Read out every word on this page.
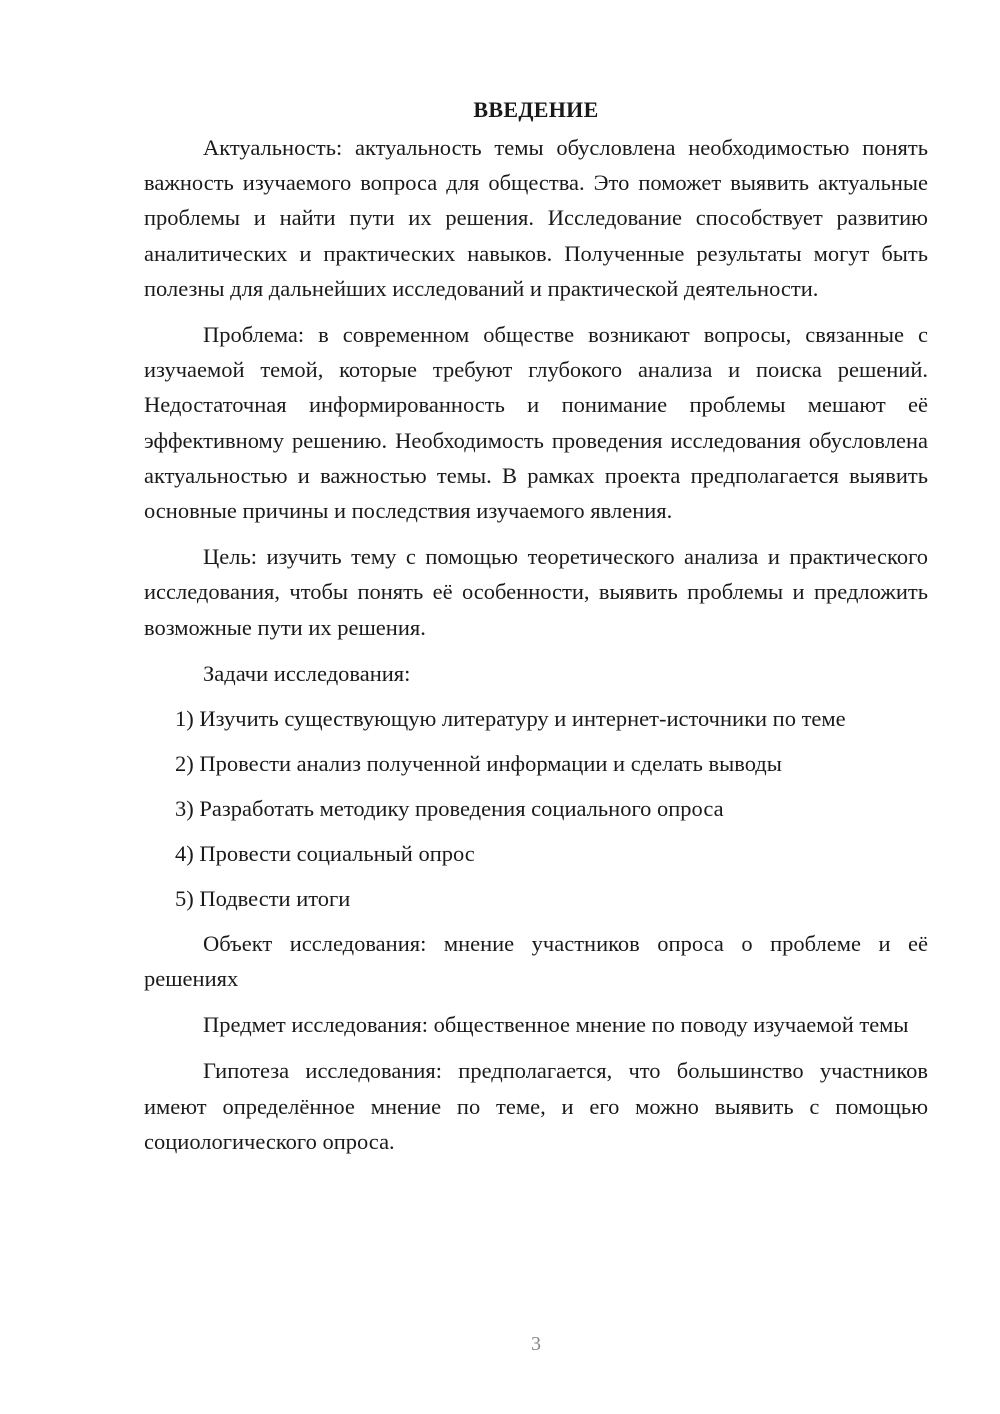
ВВЕДЕНИЕ

Актуальность: актуальность темы обусловлена необходимостью понять важность изучаемого вопроса для общества. Это поможет выявить актуальные проблемы и найти пути их решения. Исследование способствует развитию аналитических и практических навыков. Полученные результаты могут быть полезны для дальнейших исследований и практической деятельности.

Проблема: в современном обществе возникают вопросы, связанные с изучаемой темой, которые требуют глубокого анализа и поиска решений. Недостаточная информированность и понимание проблемы мешают её эффективному решению. Необходимость проведения исследования обусловлена актуальностью и важностью темы. В рамках проекта предполагается выявить основные причины и последствия изучаемого явления.

Цель: изучить тему с помощью теоретического анализа и практического исследования, чтобы понять её особенности, выявить проблемы и предложить возможные пути их решения.

Задачи исследования:
1) Изучить существующую литературу и интернет-источники по теме
2) Провести анализ полученной информации и сделать выводы
3) Разработать методику проведения социального опроса
4) Провести социальный опрос
5) Подвести итоги

Объект исследования: мнение участников опроса о проблеме и её решениях

Предмет исследования: общественное мнение по поводу изучаемой темы

Гипотеза исследования: предполагается, что большинство участников имеют определённое мнение по теме, и его можно выявить с помощью социологического опроса.

3
